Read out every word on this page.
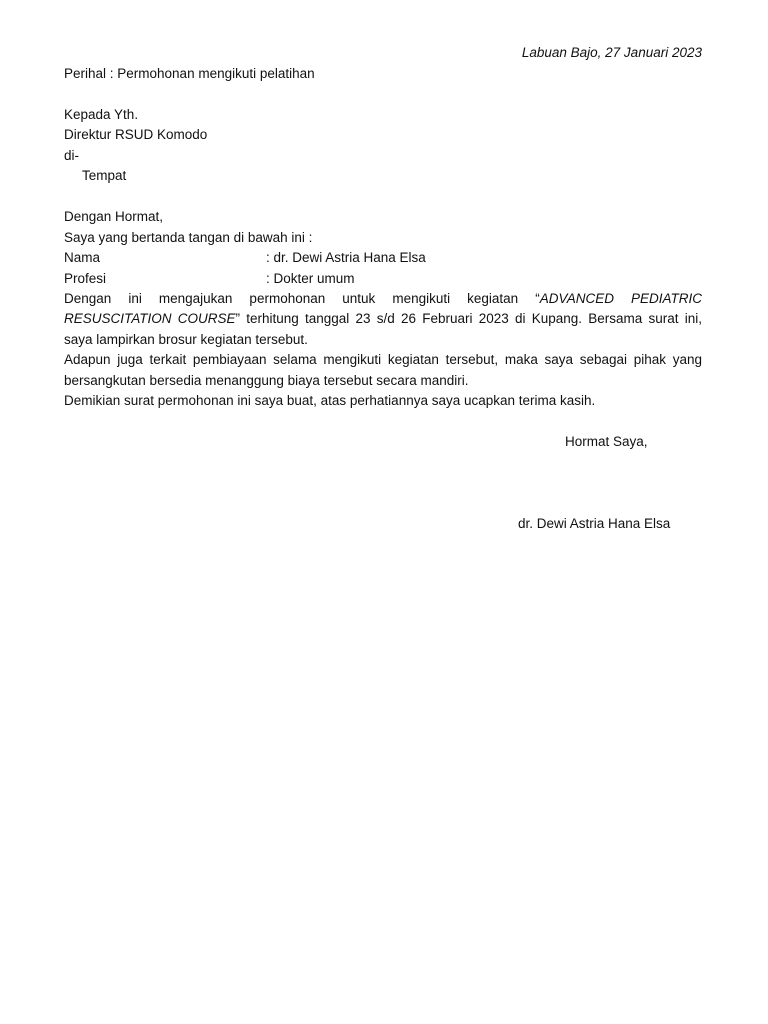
Labuan Bajo, 27 Januari 2023
Perihal : Permohonan mengikuti pelatihan
Kepada Yth.
Direktur RSUD Komodo
di-
Tempat
Dengan Hormat,
Saya yang bertanda tangan di bawah ini :
Nama	: dr. Dewi Astria Hana Elsa
Profesi	: Dokter umum
Dengan ini mengajukan permohonan untuk mengikuti kegiatan “ADVANCED PEDIATRIC
RESUSCITATION COURSE” terhitung tanggal 23 s/d 26 Februari 2023 di Kupang. Bersama surat ini,
saya lampirkan brosur kegiatan tersebut.
Adapun juga terkait pembiayaan selama mengikuti kegiatan tersebut, maka saya sebagai pihak yang
bersangkutan bersedia menanggung biaya tersebut secara mandiri.
Demikian surat permohonan ini saya buat, atas perhatiannya saya ucapkan terima kasih.
Hormat Saya,
dr. Dewi Astria Hana Elsa
